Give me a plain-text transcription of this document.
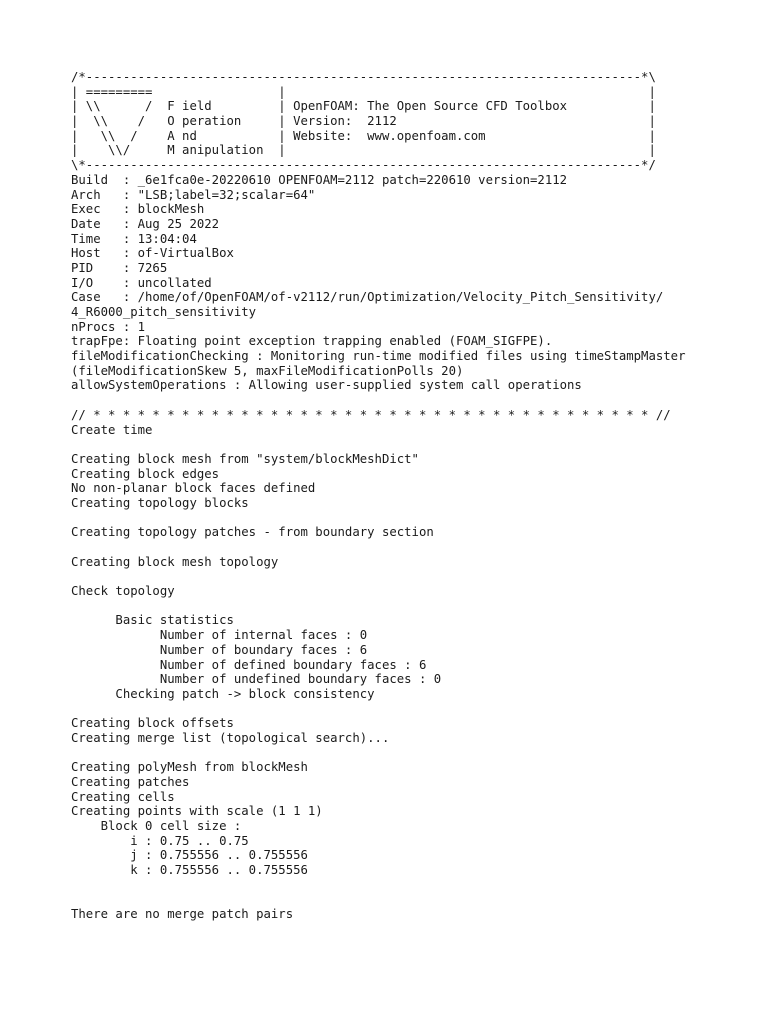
/*---------------------------------------------------------------------------*\
| =========                 |                                                 |
| \\      /  F ield         | OpenFOAM: The Open Source CFD Toolbox           |
|  \\    /   O peration     | Version:  2112                                  |
|   \\  /    A nd           | Website:  www.openfoam.com                      |
|    \\/     M anipulation  |                                                 |
\*---------------------------------------------------------------------------*/
Build  : _6e1fca0e-20220610 OPENFOAM=2112 patch=220610 version=2112
Arch   : "LSB;label=32;scalar=64"
Exec   : blockMesh
Date   : Aug 25 2022
Time   : 13:04:04
Host   : of-VirtualBox
PID    : 7265
I/O    : uncollated
Case   : /home/of/OpenFOAM/of-v2112/run/Optimization/Velocity_Pitch_Sensitivity/
4_R6000_pitch_sensitivity
nProcs : 1
trapFpe: Floating point exception trapping enabled (FOAM_SIGFPE).
fileModificationChecking : Monitoring run-time modified files using timeStampMaster
(fileModificationSkew 5, maxFileModificationPolls 20)
allowSystemOperations : Allowing user-supplied system call operations
// * * * * * * * * * * * * * * * * * * * * * * * * * * * * * * * * * * * * * * //
Create time
Creating block mesh from "system/blockMeshDict"
Creating block edges
No non-planar block faces defined
Creating topology blocks
Creating topology patches - from boundary section
Creating block mesh topology
Check topology
Basic statistics
Number of internal faces : 0
Number of boundary faces : 6
Number of defined boundary faces : 6
Number of undefined boundary faces : 0
Checking patch -> block consistency
Creating block offsets
Creating merge list (topological search)...
Creating polyMesh from blockMesh
Creating patches
Creating cells
Creating points with scale (1 1 1)
Block 0 cell size :
i : 0.75 .. 0.75
j : 0.755556 .. 0.755556
k : 0.755556 .. 0.755556
There are no merge patch pairs
